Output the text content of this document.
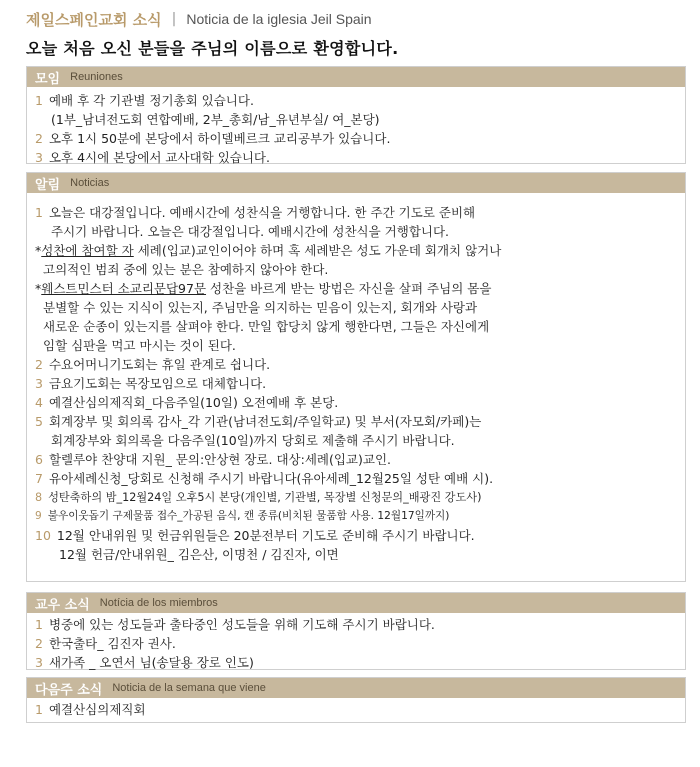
제일스페인교회 소식 | Noticia de la iglesia Jeil Spain
오늘 처음 오신 분들을 주님의 이름으로 환영합니다.
모임 Reuniones
1 예배 후 각 기관별 정기총회 있습니다.
(1부_남녀전도회 연합예배, 2부_총회/남_유년부실/ 여_본당)
2 오후 1시 50분에 본당에서 하이델베르크 교리공부가 있습니다.
3 오후 4시에 본당에서 교사대학 있습니다.
알림 Noticias
1 오늘은 대강절입니다. 예배시간에 성찬식을 거행합니다. 한 주간 기도로 준비해
주시기 바랍니다. 오늘은 대강절입니다. 예배시간에 성찬식을 거행합니다.
*성찬에 참여할 자 세례(입교)교인이어야 하며 혹 세례받은 성도 가운데 회개치 않거나
고의적인 범죄 중에 있는 분은 참예하지 않아야 한다.
*웨스트민스터 소교리문답97문 성찬을 바르게 받는 방법은 자신을 살펴 주님의 몸을
분별할 수 있는 지식이 있는지, 주님만을 의지하는 믿음이 있는지, 회개와 사랑과
새로운 순종이 있는지를 살펴야 한다. 만일 합당치 않게 행한다면, 그들은 자신에게
임할 심판을 먹고 마시는 것이 된다.
2 수요어머니기도회는 휴일 관계로 쉽니다.
3 금요기도회는 목장모임으로 대체합니다.
4 예결산심의제직회_다음주일(10일) 오전예배 후 본당.
5 회계장부 및 회의록 감사_각 기관(남녀전도회/주일학교) 및 부서(자모회/카페)는
회계장부와 회의록을 다음주일(10일)까지 당회로 제출해 주시기 바랍니다.
6 할렐루야 찬양대 지원_ 문의:안상현 장로. 대상:세례(입교)교인.
7 유아세례신청_당회로 신청해 주시기 바랍니다(유아세례_12월25일 성탄 예배 시).
8 성탄축하의 밤_12월24일 오후5시 본당(개인별, 기관별, 목장별 신청문의_배광진 강도사)
9 불우이웃돕기 구제물품 접수_가공된 음식, 캔 종류(비치된 물품함 사용. 12월17일까지)
10 12월 안내위원 및 헌금위원들은 20분전부터 기도로 준비해 주시기 바랍니다.
12월 헌금/안내위원_ 김은산, 이명천 / 김진자, 이면
교우 소식 Notícia de los miembros
1 병중에 있는 성도들과 출타중인 성도들을 위해 기도해 주시기 바랍니다.
2 한국출타_ 김진자 권사.
3 새가족 _ 오연서 님(송달용 장로 인도)
다음주 소식 Noticia de la semana que viene
1 예결산심의제직회
